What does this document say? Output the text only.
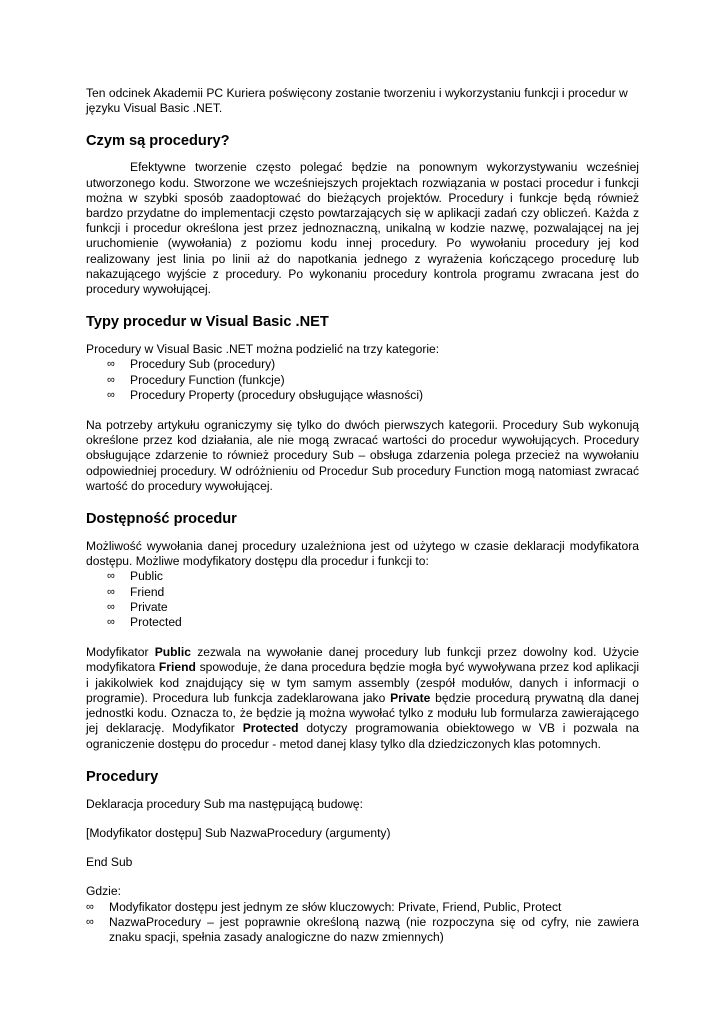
Ten odcinek Akademii PC Kuriera poświęcony zostanie tworzeniu i wykorzystaniu funkcji i procedur w języku Visual Basic .NET.

Czym są procedury?

Efektywne tworzenie często polegać będzie na ponownym wykorzystywaniu wcześniej utworzonego kodu. Stworzone we wcześniejszych projektach rozwiązania w postaci procedur i funkcji można w szybki sposób zaadoptować do bieżących projektów. Procedury i funkcje będą również bardzo przydatne do implementacji często powtarzających się w aplikacji zadań czy obliczeń. Każda z funkcji i procedur określona jest przez jednoznaczną, unikalną w kodzie nazwę, pozwalającej na jej uruchomienie (wywołania) z poziomu kodu innej procedury. Po wywołaniu procedury jej kod realizowany jest linia po linii aż do napotkania jednego z wyrażenia kończącego procedurę lub nakazującego wyjście z procedury. Po wykonaniu procedury kontrola programu zwracana jest do procedury wywołującej.

Typy procedur w Visual Basic .NET

Procedury w Visual Basic .NET można podzielić na trzy kategorie:

∞ Procedury Sub (procedury)
∞ Procedury Function (funkcje)
∞ Procedury Property (procedury obsługujące własności)

Na potrzeby artykułu ograniczymy się tylko do dwóch pierwszych kategorii. Procedury Sub wykonują określone przez kod działania, ale nie mogą zwracać wartości do procedur wywołujących. Procedury obsługujące zdarzenie to również procedury Sub – obsługa zdarzenia polega przecież na wywołaniu odpowiedniej procedury. W odróżnieniu od Procedur Sub procedury Function mogą natomiast zwracać wartość do procedury wywołującej.

Dostępność procedur

Możliwość wywołania danej procedury uzależniona jest od użytego w czasie deklaracji modyfikatora dostępu. Możliwe modyfikatory dostępu dla procedur i funkcji to:

∞ Public
∞ Friend
∞ Private
∞ Protected

Modyfikator Public zezwala na wywołanie danej procedury lub funkcji przez dowolny kod. Użycie modyfikatora Friend spowoduje, że dana procedura będzie mogła być wywoływana przez kod aplikacji i jakikolwiek kod znajdujący się w tym samym assembly (zespół modułów, danych i informacji o programie). Procedura lub funkcja zadeklarowana jako Private będzie procedurą prywatną dla danej jednostki kodu. Oznacza to, że będzie ją można wywołać tylko z modułu lub formularza zawierającego jej deklarację. Modyfikator Protected dotyczy programowania obiektowego w VB i pozwala na ograniczenie dostępu do procedur - metod danej klasy tylko dla dziedziczonych klas potomnych.

Procedury

Deklaracja procedury Sub ma następującą budowę:

[Modyfikator dostępu] Sub NazwaProcedury (argumenty)

End Sub

Gdzie:

∞ Modyfikator dostępu jest jednym ze słów kluczowych: Private, Friend, Public, Protect
∞ NazwaProcedury – jest poprawnie określoną nazwą (nie rozpoczyna się od cyfry, nie zawiera znaku spacji, spełnia zasady analogiczne do nazw zmiennych)
